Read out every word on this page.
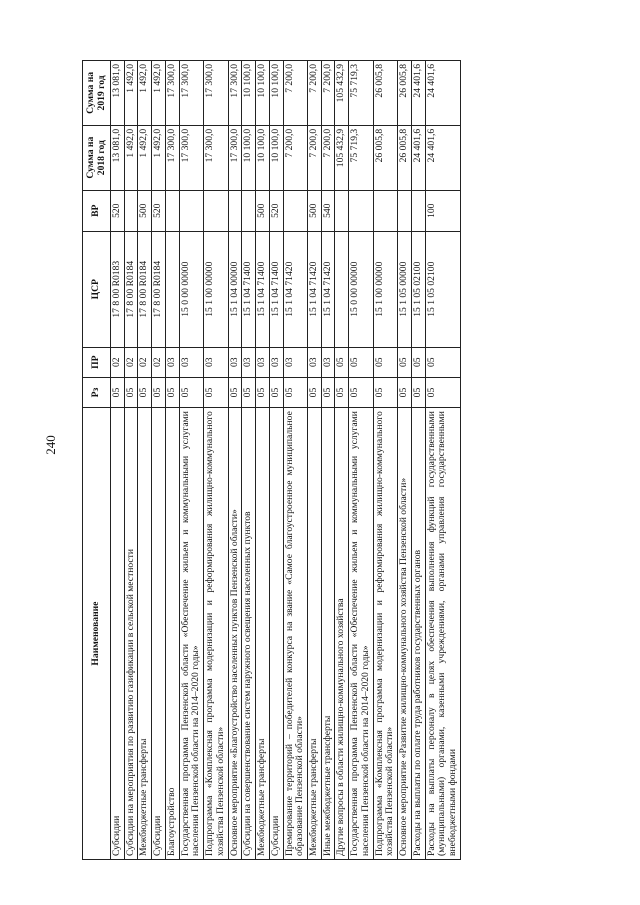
240
Наименование	Рз	ПР	ЦСР	ВР	Сумма на 2018 год	Сумма на 2019 год
Субсидии	05	02	17 8 00 R0183	520	13 081,0	13 081,0
Субсидии на мероприятия по развитию газификации в сельской местности	05	02	17 8 00 R0184		1 492,0	1 492,0
Межбюджетные трансферты	05	02	17 8 00 R0184	500	1 492,0	1 492,0
Субсидии	05	02	17 8 00 R0184	520	1 492,0	1 492,0
Благоустройство	05	03			17 300,0	17 300,0
Государственная программа Пензенской области «Обеспечение жильем и коммунальными услугами населения Пензенской области на 2014–2020 годы»	05	03	15 0 00 00000		17 300,0	17 300,0
Подпрограмма «Комплексная программа модернизации и реформирования жилищно-коммунального хозяйства Пензенской области»	05	03	15 1 00 00000		17 300,0	17 300,0
Основное мероприятие «Благоустройство населенных пунктов Пензенской области»	05	03	15 1 04 00000		17 300,0	17 300,0
Субсидии на совершенствование систем наружного освещения населенных пунктов	05	03	15 1 04 71400		10 100,0	10 100,0
Межбюджетные трансферты	05	03	15 1 04 71400	500	10 100,0	10 100,0
Субсидии	05	03	15 1 04 71400	520	10 100,0	10 100,0
Премирование территорий – победителей конкурса на звание «Самое благоустроенное муниципальное образование Пензенской области»	05	03	15 1 04 71420		7 200,0	7 200,0
Межбюджетные трансферты	05	03	15 1 04 71420	500	7 200,0	7 200,0
Иные межбюджетные трансферты	05	03	15 1 04 71420	540	7 200,0	7 200,0
Другие вопросы в области жилищно-коммунального хозяйства	05	05			105 432,9	105 432,9
Государственная программа Пензенской области «Обеспечение жильем и коммунальными услугами населения Пензенской области на 2014–2020 годы»	05	05	15 0 00 00000		75 719,3	75 719,3
Подпрограмма «Комплексная программа модернизации и реформирования жилищно-коммунального хозяйства Пензенской области»	05	05	15 1 00 00000		26 005,8	26 005,8
Основное мероприятие «Развитие жилищно-коммунального хозяйства Пензенской области»	05	05	15 1 05 00000		26 005,8	26 005,8
Расходы на выплаты по оплате труда работников государственных органов	05	05	15 1 05 02100		24 401,6	24 401,6
Расходы на выплаты персоналу в целях обеспечения выполнения функций государственными (муниципальными) органами, казенными учреждениями, органами управления государственными внебюджетными фондами	05	05	15 1 05 02100	100	24 401,6	24 401,6
